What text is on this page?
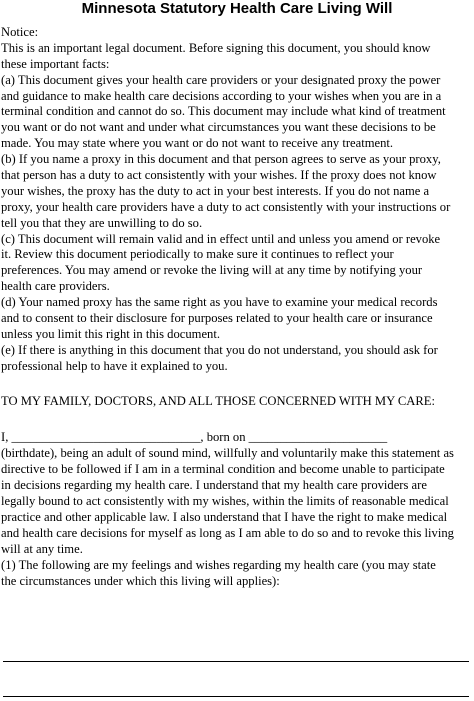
Minnesota Statutory Health Care Living Will
Notice:
This is an important legal document. Before signing this document, you should know
these important facts:
(a) This document gives your health care providers or your designated proxy the power
and guidance to make health care decisions according to your wishes when you are in a
terminal condition and cannot do so. This document may include what kind of treatment
you want or do not want and under what circumstances you want these decisions to be
made. You may state where you want or do not want to receive any treatment.
(b) If you name a proxy in this document and that person agrees to serve as your proxy,
that person has a duty to act consistently with your wishes. If the proxy does not know
your wishes, the proxy has the duty to act in your best interests. If you do not name a
proxy, your health care providers have a duty to act consistently with your instructions or
tell you that they are unwilling to do so.
(c) This document will remain valid and in effect until and unless you amend or revoke
it. Review this document periodically to make sure it continues to reflect your
preferences. You may amend or revoke the living will at any time by notifying your
health care providers.
(d) Your named proxy has the same right as you have to examine your medical records
and to consent to their disclosure for purposes related to your health care or insurance
unless you limit this right in this document.
(e) If there is anything in this document that you do not understand, you should ask for
professional help to have it explained to you.
TO MY FAMILY, DOCTORS, AND ALL THOSE CONCERNED WITH MY CARE:
I, ______________________________, born on ______________________
(birthdate), being an adult of sound mind, willfully and voluntarily make this statement as
directive to be followed if I am in a terminal condition and become unable to participate
in decisions regarding my health care. I understand that my health care providers are
legally bound to act consistently with my wishes, within the limits of reasonable medical
practice and other applicable law. I also understand that I have the right to make medical
and health care decisions for myself as long as I am able to do so and to revoke this living
will at any time.
(1) The following are my feelings and wishes regarding my health care (you may state
the circumstances under which this living will applies):
